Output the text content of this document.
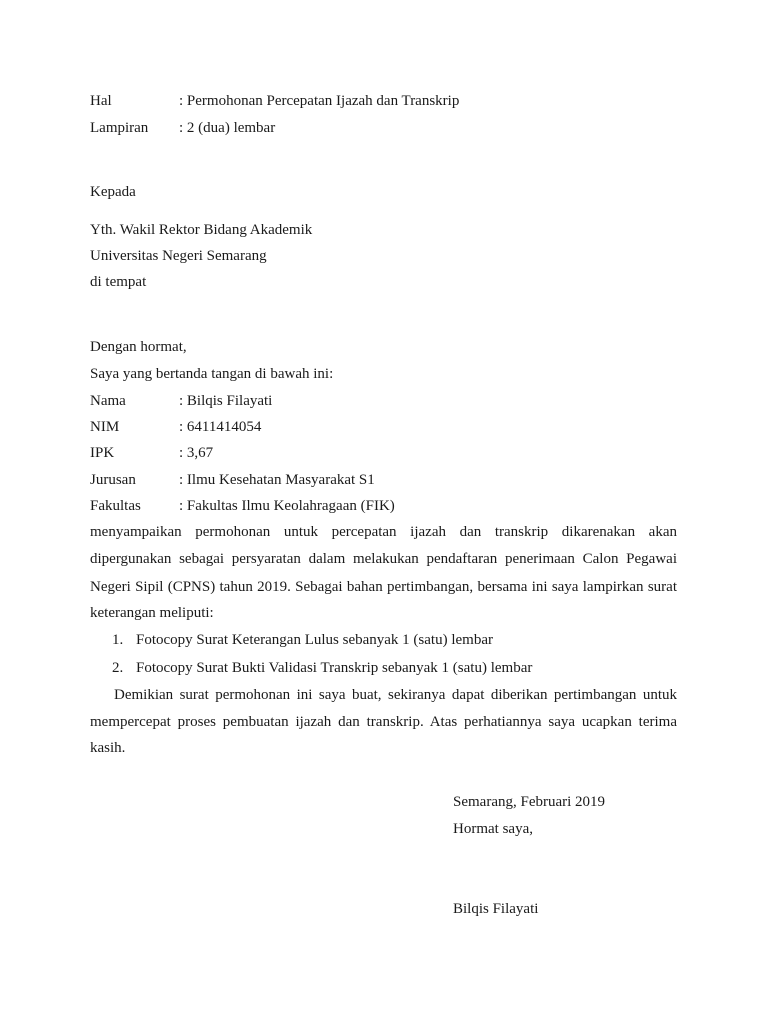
Hal	: Permohonan Percepatan Ijazah dan Transkrip
Lampiran : 2 (dua) lembar
Kepada
Yth. Wakil Rektor Bidang Akademik
Universitas Negeri Semarang
di tempat
Dengan hormat,
Saya yang bertanda tangan di bawah ini:
Nama	: Bilqis Filayati
NIM	: 6411414054
IPK	: 3,67
Jurusan	: Ilmu Kesehatan Masyarakat S1
Fakultas	: Fakultas Ilmu Keolahragaan (FIK)
menyampaikan permohonan untuk percepatan ijazah dan transkrip dikarenakan akan
dipergunakan sebagai persyaratan dalam melakukan pendaftaran penerimaan Calon Pegawai
Negeri Sipil (CPNS) tahun 2019. Sebagai bahan pertimbangan, bersama ini saya lampirkan surat
keterangan meliputi:
1. Fotocopy Surat Keterangan Lulus sebanyak 1 (satu) lembar
2. Fotocopy Surat Bukti Validasi Transkrip sebanyak 1 (satu) lembar
Demikian surat permohonan ini saya buat, sekiranya dapat diberikan pertimbangan untuk
mempercepat proses pembuatan ijazah dan transkrip. Atas perhatiannya saya ucapkan terima
kasih.
Semarang, Februari 2019
Hormat saya,
Bilqis Filayati
